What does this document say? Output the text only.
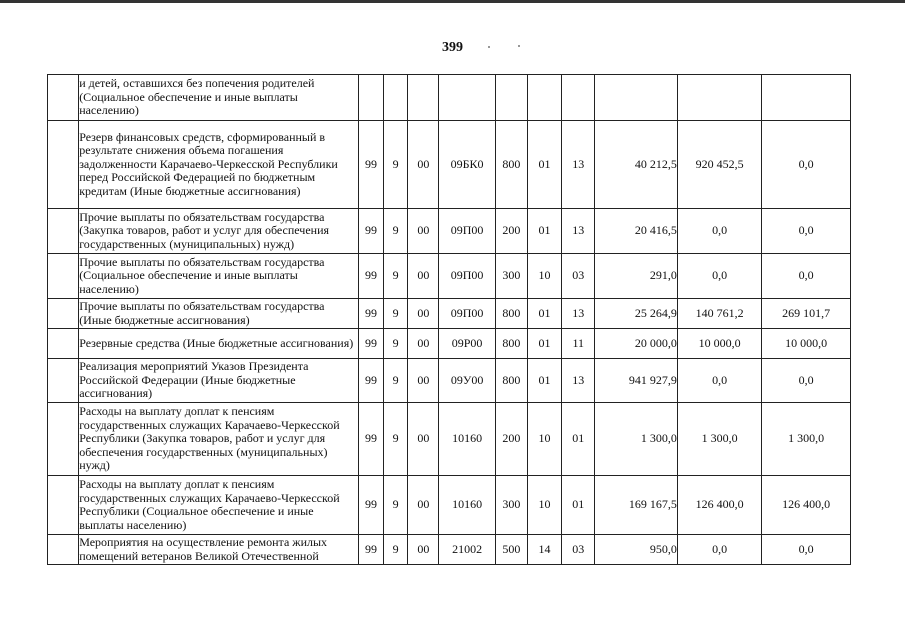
399
	и детей, оставшихся без попечения родителей (Социальное обеспечение и иные выплаты населению)										
	Резерв финансовых средств, сформированный в результате снижения объема погашения задолженности Карачаево-Черкесской Республики перед Российской Федерацией по бюджетным кредитам (Иные бюджетные ассигнования)	99	9	00	09БК0	800	01	13	40 212,5	920 452,5	0,0
	Прочие выплаты по обязательствам государства (Закупка товаров, работ и услуг для обеспечения государственных (муниципальных) нужд)	99	9	00	09П00	200	01	13	20 416,5	0,0	0,0
	Прочие выплаты по обязательствам государства (Социальное обеспечение и иные выплаты населению)	99	9	00	09П00	300	10	03	291,0	0,0	0,0
	Прочие выплаты по обязательствам государства (Иные бюджетные ассигнования)	99	9	00	09П00	800	01	13	25 264,9	140 761,2	269 101,7
	Резервные средства (Иные бюджетные ассигнования)	99	9	00	09Р00	800	01	11	20 000,0	10 000,0	10 000,0
	Реализация мероприятий Указов Президента Российской Федерации (Иные бюджетные ассигнования)	99	9	00	09У00	800	01	13	941 927,9	0,0	0,0
	Расходы на выплату доплат к пенсиям государственных служащих Карачаево-Черкесской Республики (Закупка товаров, работ и услуг для обеспечения государственных (муниципальных) нужд)	99	9	00	10160	200	10	01	1 300,0	1 300,0	1 300,0
	Расходы на выплату доплат к пенсиям государственных служащих Карачаево-Черкесской Республики (Социальное обеспечение и иные выплаты населению)	99	9	00	10160	300	10	01	169 167,5	126 400,0	126 400,0
	Мероприятия на осуществление ремонта жилых помещений ветеранов Великой Отечественной	99	9	00	21002	500	14	03	950,0	0,0	0,0
